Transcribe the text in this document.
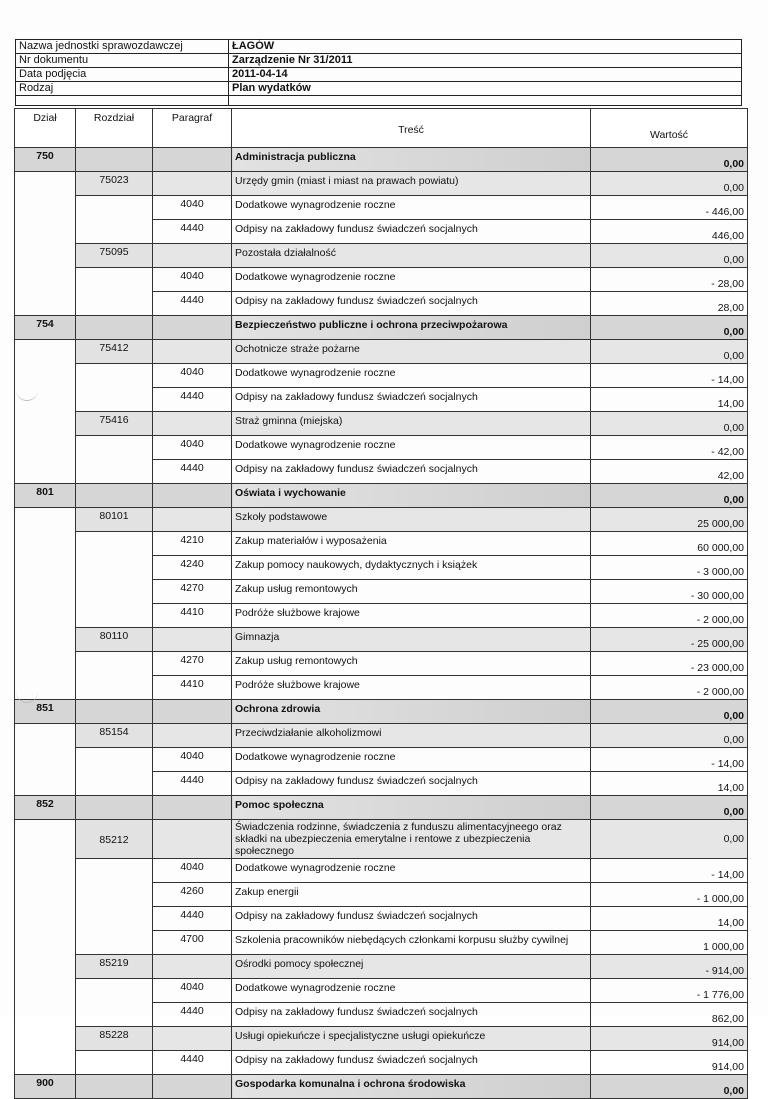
Nazwa jednostki sprawozdawczej	ŁAGÓW
Nr dokumentu	Zarządzenie Nr 31/2011
Data podjęcia	2011-04-14
Rodzaj	Plan wydatków

Dział	Rozdział	Paragraf	Treść	Wartość
750			Administracja publiczna	0,00
	75023		Urzędy gmin (miast i miast na prawach powiatu)	0,00
		4040	Dodatkowe wynagrodzenie roczne	- 446,00
		4440	Odpisy na zakładowy fundusz świadczeń socjalnych	446,00
	75095		Pozostała działalność	0,00
		4040	Dodatkowe wynagrodzenie roczne	- 28,00
		4440	Odpisy na zakładowy fundusz świadczeń socjalnych	28,00
754			Bezpieczeństwo publiczne i ochrona przeciwpożarowa	0,00
	75412		Ochotnicze straże pożarne	0,00
		4040	Dodatkowe wynagrodzenie roczne	- 14,00
		4440	Odpisy na zakładowy fundusz świadczeń socjalnych	14,00
	75416		Straż gminna (miejska)	0,00
		4040	Dodatkowe wynagrodzenie roczne	- 42,00
		4440	Odpisy na zakładowy fundusz świadczeń socjalnych	42,00
801			Oświata i wychowanie	0,00
	80101		Szkoły podstawowe	25 000,00
		4210	Zakup materiałów i wyposażenia	60 000,00
		4240	Zakup pomocy naukowych, dydaktycznych i książek	- 3 000,00
		4270	Zakup usług remontowych	- 30 000,00
		4410	Podróże służbowe krajowe	- 2 000,00
	80110		Gimnazja	- 25 000,00
		4270	Zakup usług remontowych	- 23 000,00
		4410	Podróże służbowe krajowe	- 2 000,00
851			Ochrona zdrowia	0,00
	85154		Przeciwdziałanie alkoholizmowi	0,00
		4040	Dodatkowe wynagrodzenie roczne	- 14,00
		4440	Odpisy na zakładowy fundusz świadczeń socjalnych	14,00
852			Pomoc społeczna	0,00
	85212		Świadczenia rodzinne, świadczenia z funduszu alimentacyjneego oraz składki na ubezpieczenia emerytalne i rentowe z ubezpieczenia społecznego	0,00
		4040	Dodatkowe wynagrodzenie roczne	- 14,00
		4260	Zakup energii	- 1 000,00
		4440	Odpisy na zakładowy fundusz świadczeń socjalnych	14,00
		4700	Szkolenia pracowników niebędących członkami korpusu służby cywilnej	1 000,00
	85219		Ośrodki pomocy społecznej	- 914,00
		4040	Dodatkowe wynagrodzenie roczne	- 1 776,00
		4440	Odpisy na zakładowy fundusz świadczeń socjalnych	862,00
	85228		Usługi opiekuńcze i specjalistyczne usługi opiekuńcze	914,00
		4440	Odpisy na zakładowy fundusz świadczeń socjalnych	914,00
900			Gospodarka komunalna i ochrona środowiska	0,00
